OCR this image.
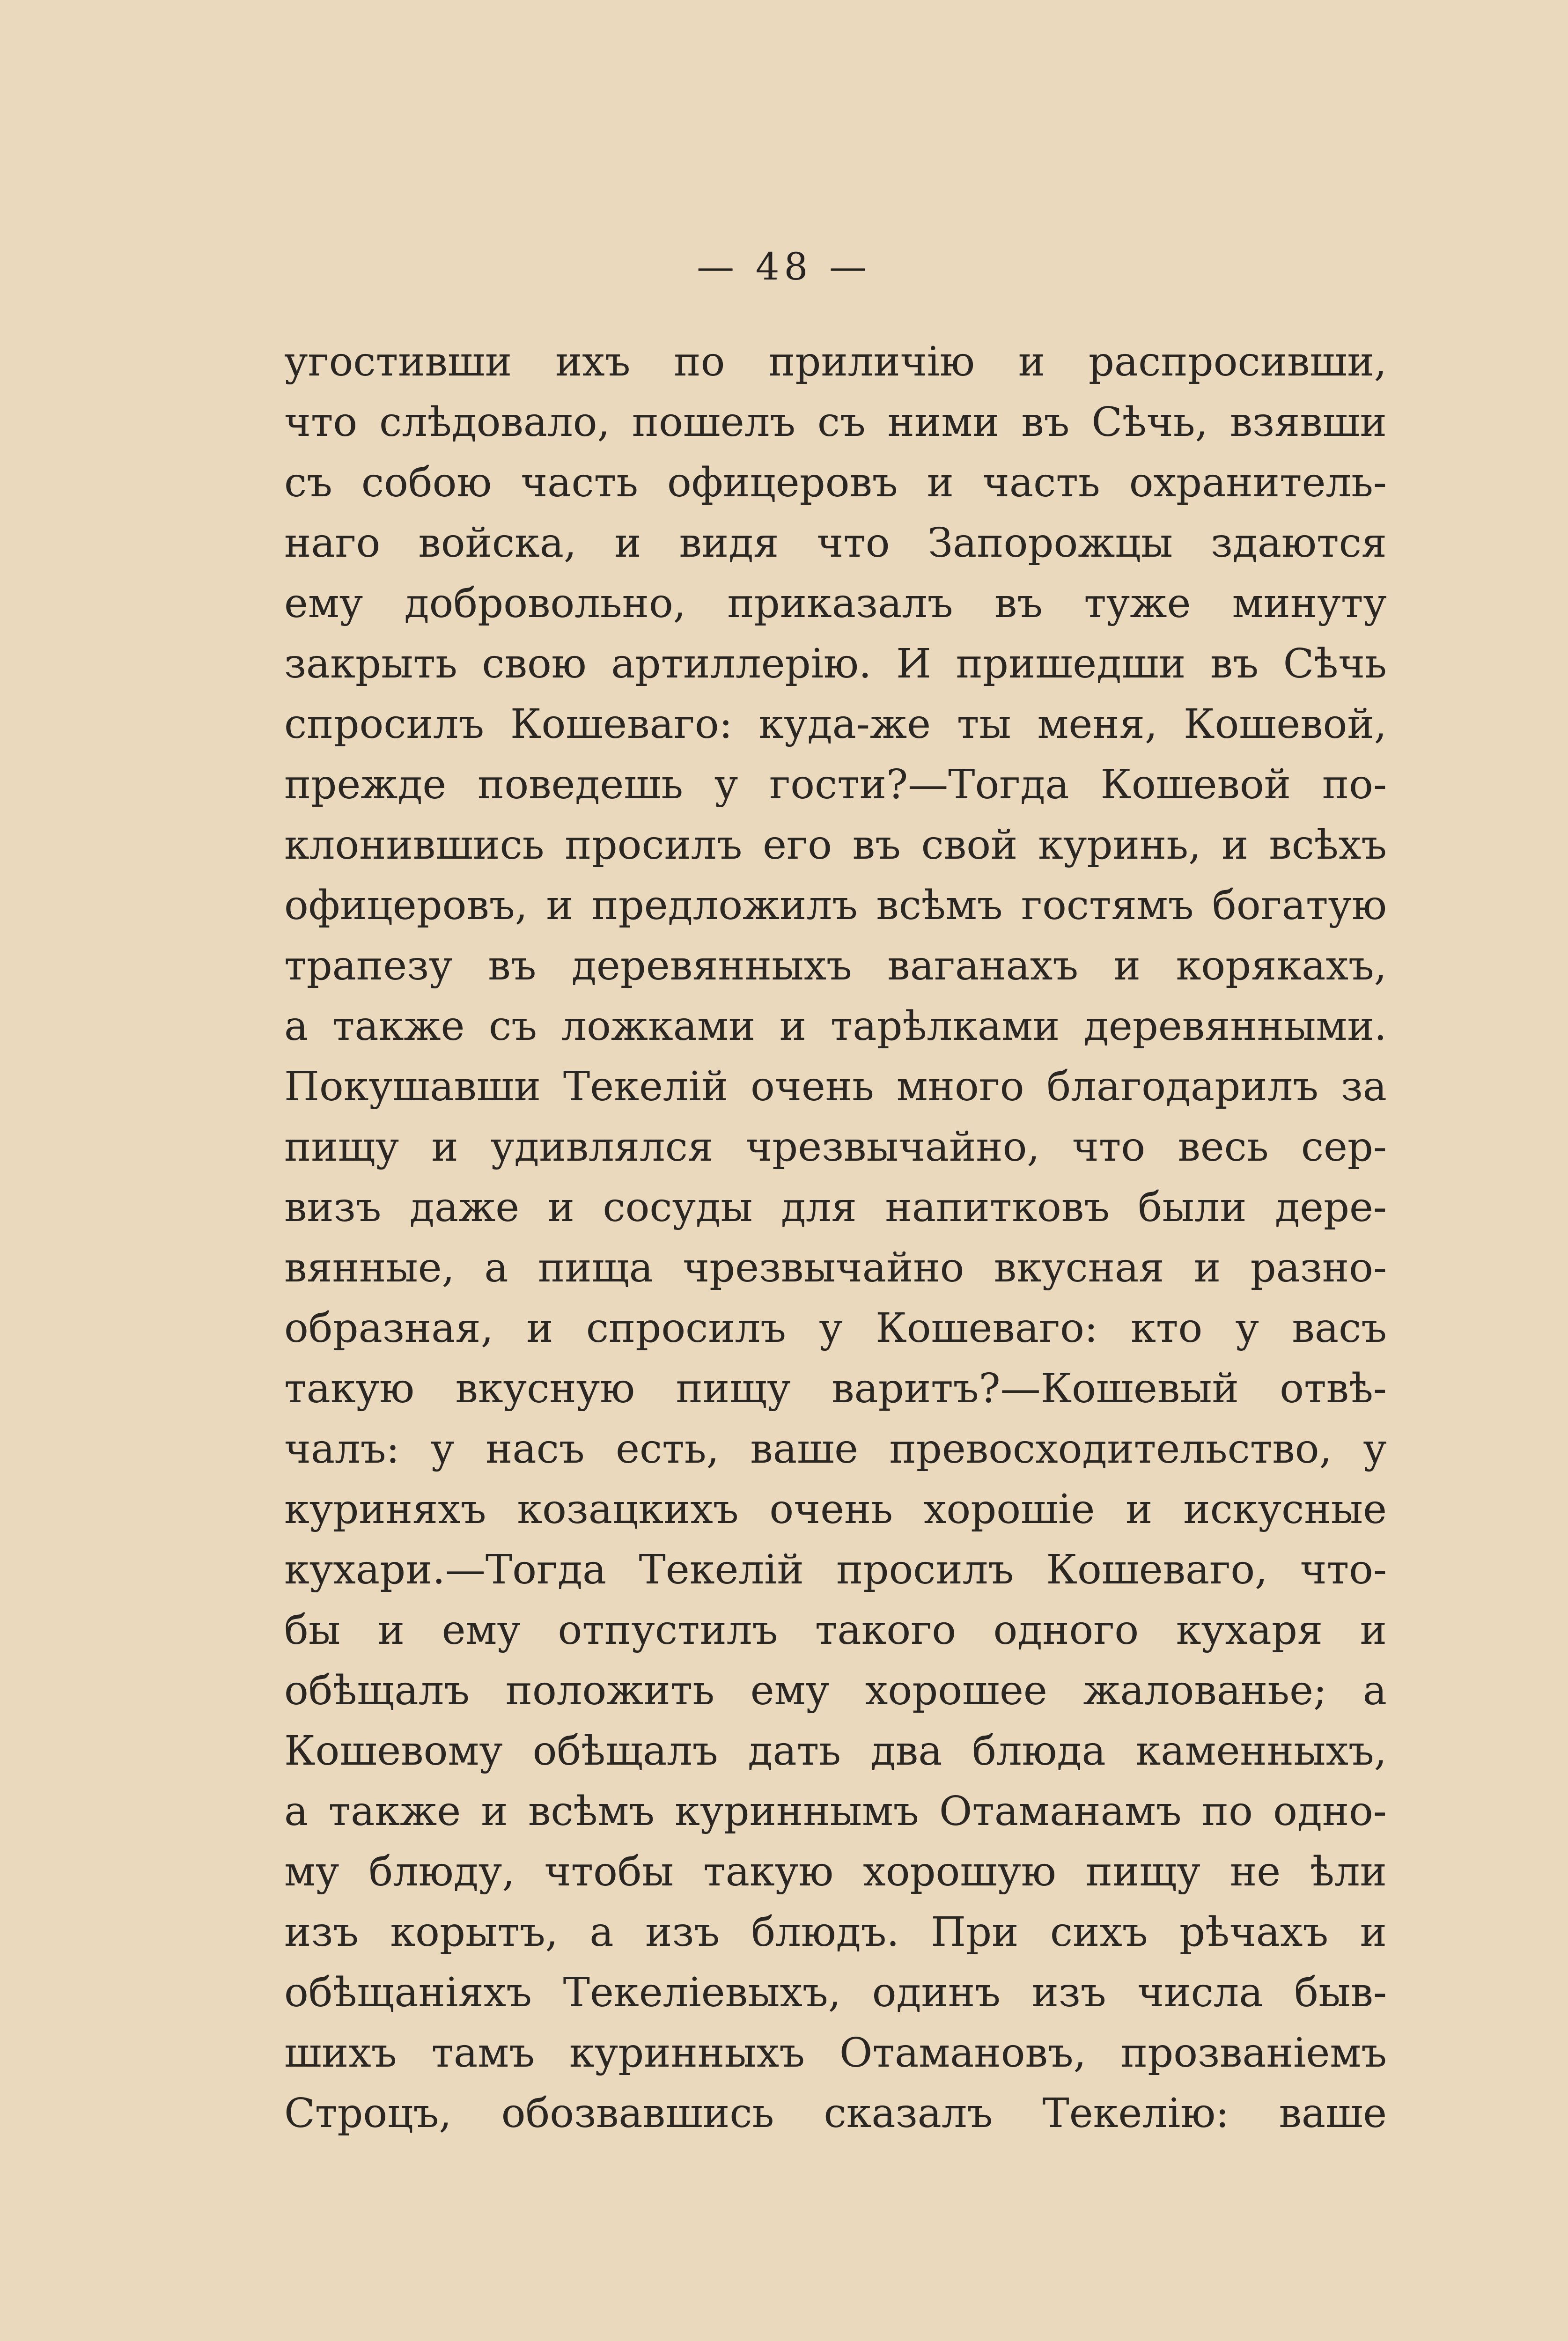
— 48 —
угостивши ихъ по приличію и распросивши,
что слѣдовало, пошелъ съ ними въ Сѣчь, взявши
съ собою часть офицеровъ и часть охранитель-
наго войска, и видя что Запорожцы здаются
ему добровольно, приказалъ въ туже минуту
закрыть свою артиллерію. И пришедши въ Сѣчь
спросилъ Кошеваго: куда-же ты меня, Кошевой,
прежде поведешь у гости?—Тогда Кошевой по-
клонившись просилъ его въ свой куринь, и всѣхъ
офицеровъ, и предложилъ всѣмъ гостямъ богатую
трапезу въ деревянныхъ ваганахъ и корякахъ,
а также съ ложками и тарѣлками деревянными.
Покушавши Текелій очень много благодарилъ за
пищу и удивлялся чрезвычайно, что весь сер-
визъ даже и сосуды для напитковъ были дере-
вянные, а пища чрезвычайно вкусная и разно-
образная, и спросилъ у Кошеваго: кто у васъ
такую вкусную пищу варитъ?—Кошевый отвѣ-
чалъ: у насъ есть, ваше превосходительство, у
куриняхъ козацкихъ очень хорошіе и искусные
кухари.—Тогда Текелій просилъ Кошеваго, что-
бы и ему отпустилъ такого одного кухаря и
обѣщалъ положить ему хорошее жалованье; а
Кошевому обѣщалъ дать два блюда каменныхъ,
а также и всѣмъ куриннымъ Отаманамъ по одно-
му блюду, чтобы такую хорошую пищу не ѣли
изъ корытъ, а изъ блюдъ. При сихъ рѣчахъ и
обѣщаніяхъ Текеліевыхъ, одинъ изъ числа быв-
шихъ тамъ куринныхъ Отамановъ, прозваніемъ
Строцъ, обозвавшись сказалъ Текелію: ваше
